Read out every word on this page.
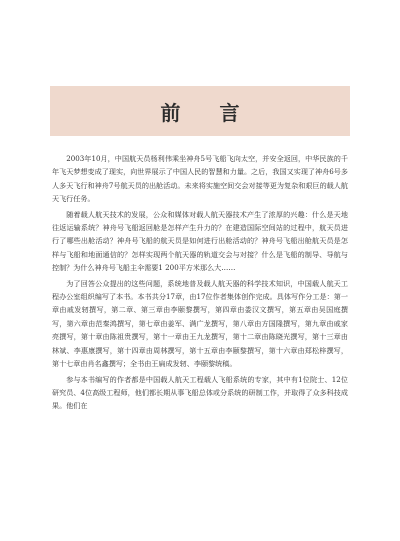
前 言

2003年10月，中国航天员杨利伟乘坐神舟5号飞船飞向太空，并安全返回，中华民族的千年飞天梦想变成了现实，向世界展示了中国人民的智慧和力量。之后，我国又实现了神舟6号多人多天飞行和神舟7号航天员的出舱活动。未来将实施空间交会对接等更为复杂和艰巨的载人航天飞行任务。

随着载人航天技术的发展，公众和媒体对载人航天器技术产生了浓厚的兴趣：什么是天地往返运输系统？神舟号飞船返回舱是怎样产生升力的？在建造国际空间站的过程中，航天员进行了哪些出舱活动？神舟号飞船的航天员是如何进行出舱活动的？神舟号飞船出舱航天员是怎样与飞船和地面通信的？怎样实现两个航天器的轨道交会与对接？什么是飞船的制导、导航与控制？为什么神舟号飞船主伞需要1 200平方米那么大……

为了回答公众提出的这些问题，系统地普及载人航天器的科学技术知识，中国载人航天工程办公室组织编写了本书。本书共分17章，由17位作者集体创作完成。具体写作分工是：第一章由戚发轫撰写，第二章、第三章由李颐黎撰写，第四章由娄汉文撰写，第五章由吴国庭撰写，第六章由范秦鸿撰写，第七章由姜军、满广龙撰写，第八章由方国隆撰写，第九章由戚家亮撰写，第十章由陈祖贵撰写，第十一章由王九龙撰写，第十二章由陈晓光撰写，第十三章由林斌、李惠康撰写，第十四章由周林撰写，第十五章由李颐黎撰写，第十六章由郑松梓撰写，第十七章由肖名鑫撰写；全书由王扁成发轫、李颐黎统稿。

参与本书编写的作者都是中国载人航天工程载人飞船系统的专家，其中有1位院士、12位研究员、4位高级工程师，他们都长期从事飞船总体或分系统的研制工作，并取得了众多科技成果。他们在
